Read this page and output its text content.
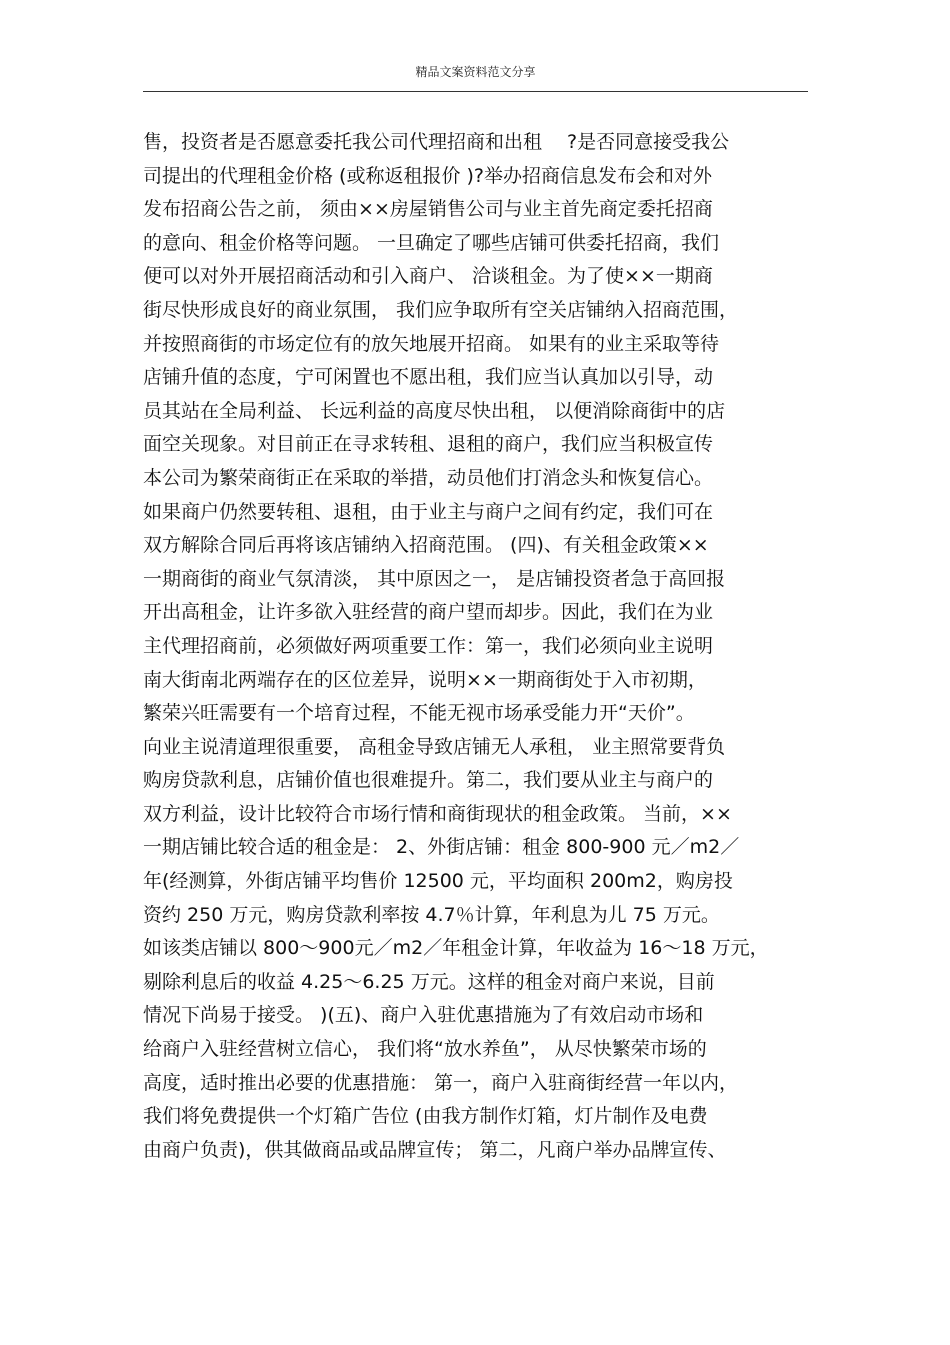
精品文案资料范文分享
售，投资者是否愿意委托我公司代理招商和出租　 ?是否同意接受我公
司提出的代理租金价格 (或称返租报价 )?举办招商信息发布会和对外
发布招商公告之前， 须由××房屋销售公司与业主首先商定委托招商
的意向、租金价格等问题。 一旦确定了哪些店铺可供委托招商，我们
便可以对外开展招商活动和引入商户、 洽谈租金。为了使××一期商
街尽快形成良好的商业氛围， 我们应争取所有空关店铺纳入招商范围，
并按照商街的市场定位有的放矢地展开招商。 如果有的业主采取等待
店铺升值的态度，宁可闲置也不愿出租，我们应当认真加以引导，动
员其站在全局利益、 长远利益的高度尽快出租， 以便消除商街中的店
面空关现象。对目前正在寻求转租、退租的商户，我们应当积极宣传
本公司为繁荣商街正在采取的举措，动员他们打消念头和恢复信心。
如果商户仍然要转租、退租，由于业主与商户之间有约定，我们可在
双方解除合同后再将该店铺纳入招商范围。 (四)、有关租金政策××
一期商街的商业气氛清淡， 其中原因之一， 是店铺投资者急于高回报
开出高租金，让许多欲入驻经营的商户望而却步。因此，我们在为业
主代理招商前，必须做好两项重要工作：第一，我们必须向业主说明
南大街南北两端存在的区位差异，说明××一期商街处于入市初期，
繁荣兴旺需要有一个培育过程，不能无视市场承受能力开“天价”。
向业主说清道理很重要， 高租金导致店铺无人承租， 业主照常要背负
购房贷款利息，店铺价值也很难提升。第二，我们要从业主与商户的
双方利益，设计比较符合市场行情和商街现状的租金政策。 当前，××
一期店铺比较合适的租金是： 2、外街店铺：租金 800-900 元／m2／
年(经测算，外街店铺平均售价 12500 元，平均面积 200m2，购房投
资约 250 万元，购房贷款利率按 4.7％计算，年利息为儿 75 万元。
如该类店铺以 800～900元／m2／年租金计算，年收益为 16～18 万元，
剔除利息后的收益 4.25～6.25 万元。这样的租金对商户来说，目前
情况下尚易于接受。 )(五)、商户入驻优惠措施为了有效启动市场和
给商户入驻经营树立信心， 我们将“放水养鱼”， 从尽快繁荣市场的
高度，适时推出必要的优惠措施： 第一，商户入驻商街经营一年以内，
我们将免费提供一个灯箱广告位 (由我方制作灯箱，灯片制作及电费
由商户负责)，供其做商品或品牌宣传； 第二，凡商户举办品牌宣传、
